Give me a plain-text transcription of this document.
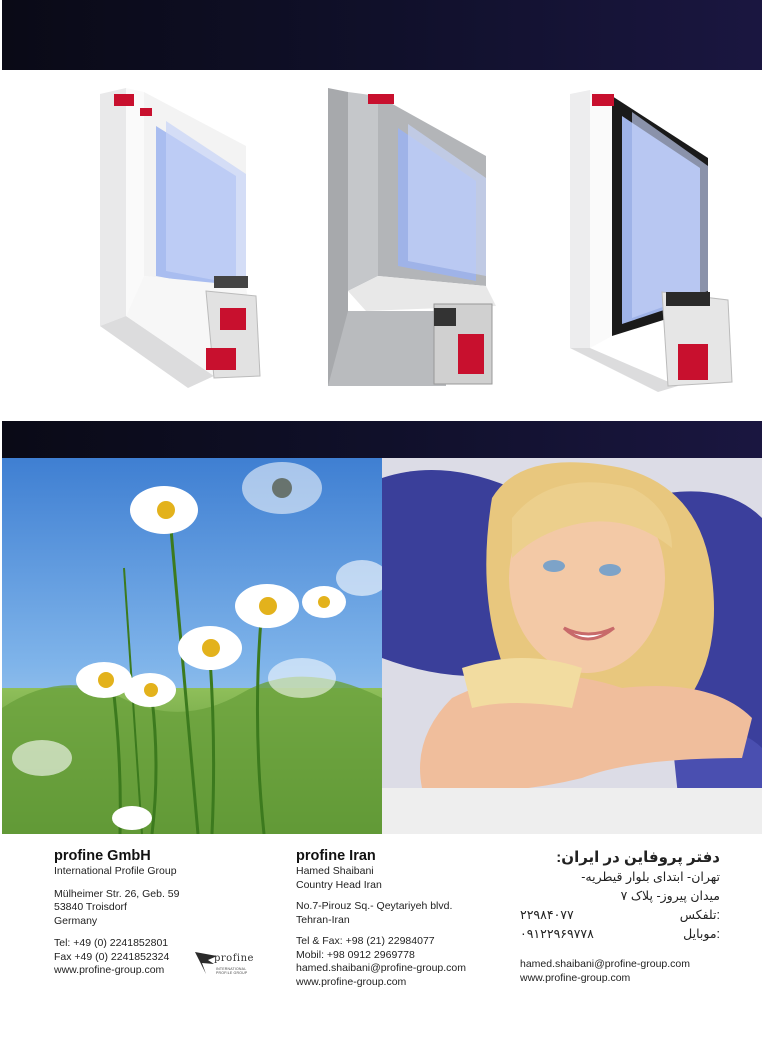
profine GmbH
International Profile Group
Mülheimer Str. 26, Geb. 59
53840 Troisdorf
Germany
Tel: +49 (0) 2241852801
Fax +49 (0) 2241852324
www.profine-group.com
profine
INTERNATIONAL PROFILE GROUP
profine Iran
Hamed Shaibani
Country Head Iran
No.7-Pirouz Sq.- Qeytariyeh blvd.
Tehran-Iran
Tel & Fax: +98 (21) 22984077
Mobil: +98 0912 2969778
hamed.shaibani@profine-group.com
www.profine-group.com
دفتر پروفاین در ایران:
تهران- ابتدای بلوار قیطریه-
میدان پیروز- پلاک ۷
۲۲۹۸۴۰۷۷	تلفکس:
۰۹۱۲۲۹۶۹۷۷۸	موبایل:
hamed.shaibani@profine-group.com
www.profine-group.com
